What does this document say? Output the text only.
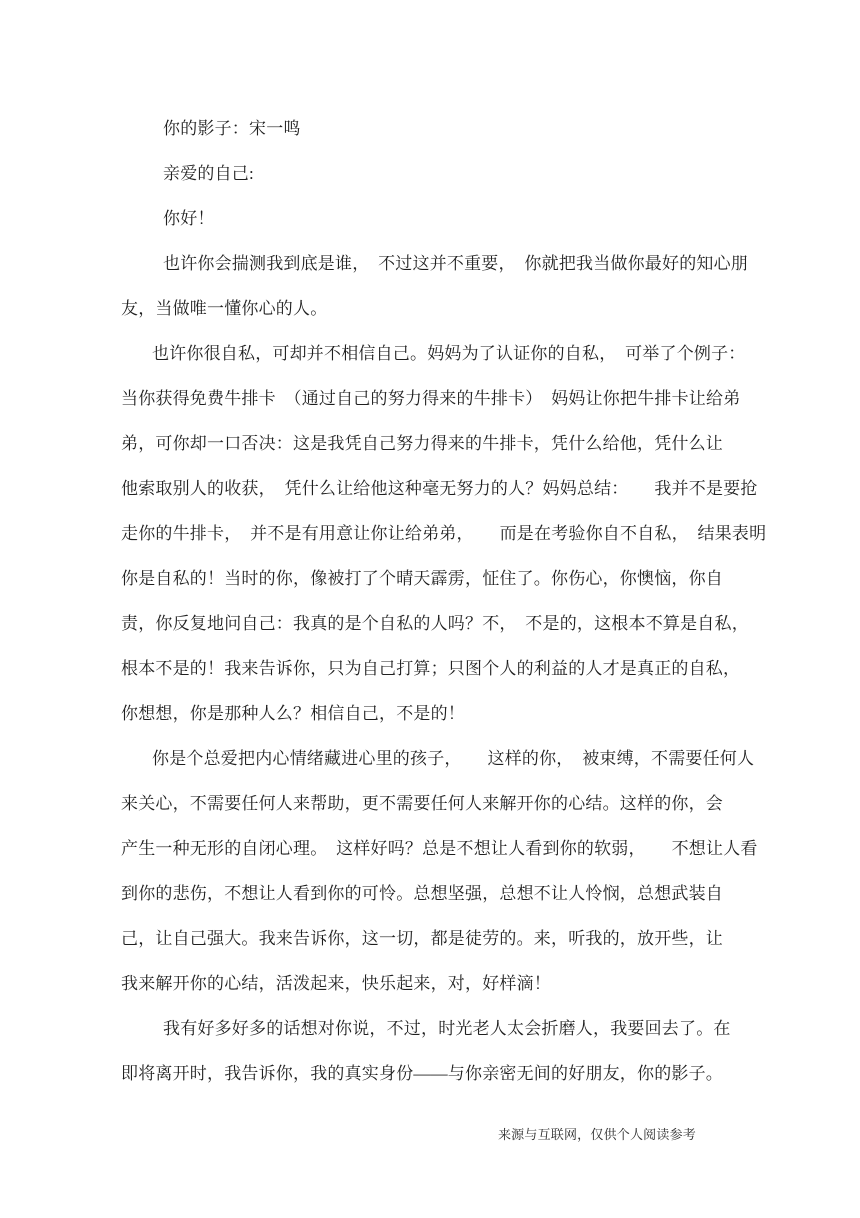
你的影子：宋一鸣
亲爱的自己:
你好！
也许你会揣测我到底是谁，　不过这并不重要，　你就把我当做你最好的知心朋
友，当做唯一懂你心的人。
也许你很自私，可却并不相信自己。妈妈为了认证你的自私，　可举了个例子：
当你获得免费牛排卡　（通过自己的努力得来的牛排卡）　妈妈让你把牛排卡让给弟
弟，可你却一口否决：这是我凭自己努力得来的牛排卡，凭什么给他，凭什么让
他索取别人的收获，　凭什么让给他这种毫无努力的人？妈妈总结：　　我并不是要抢
走你的牛排卡，　并不是有用意让你让给弟弟，　　而是在考验你自不自私，　结果表明
你是自私的！当时的你，像被打了个晴天霹雳，怔住了。你伤心，你懊恼，你自
责，你反复地问自己：我真的是个自私的人吗？不，　不是的，这根本不算是自私，
根本不是的！我来告诉你，只为自己打算；只图个人的利益的人才是真正的自私，
你想想，你是那种人么？相信自己，不是的！
你是个总爱把内心情绪藏进心里的孩子，　　这样的你，　被束缚，不需要任何人
来关心，不需要任何人来帮助，更不需要任何人来解开你的心结。这样的你，会
产生一种无形的自闭心理。　这样好吗？总是不想让人看到你的软弱，　　不想让人看
到你的悲伤，不想让人看到你的可怜。总想坚强，总想不让人怜悯，总想武装自
己，让自己强大。我来告诉你，这一切，都是徒劳的。来，听我的，放开些，让
我来解开你的心结，活泼起来，快乐起来，对，好样滴！
我有好多好多的话想对你说，不过，时光老人太会折磨人，我要回去了。在
即将离开时，我告诉你，我的真实身份——与你亲密无间的好朋友，你的影子。
来源与互联网，仅供个人阅读参考
